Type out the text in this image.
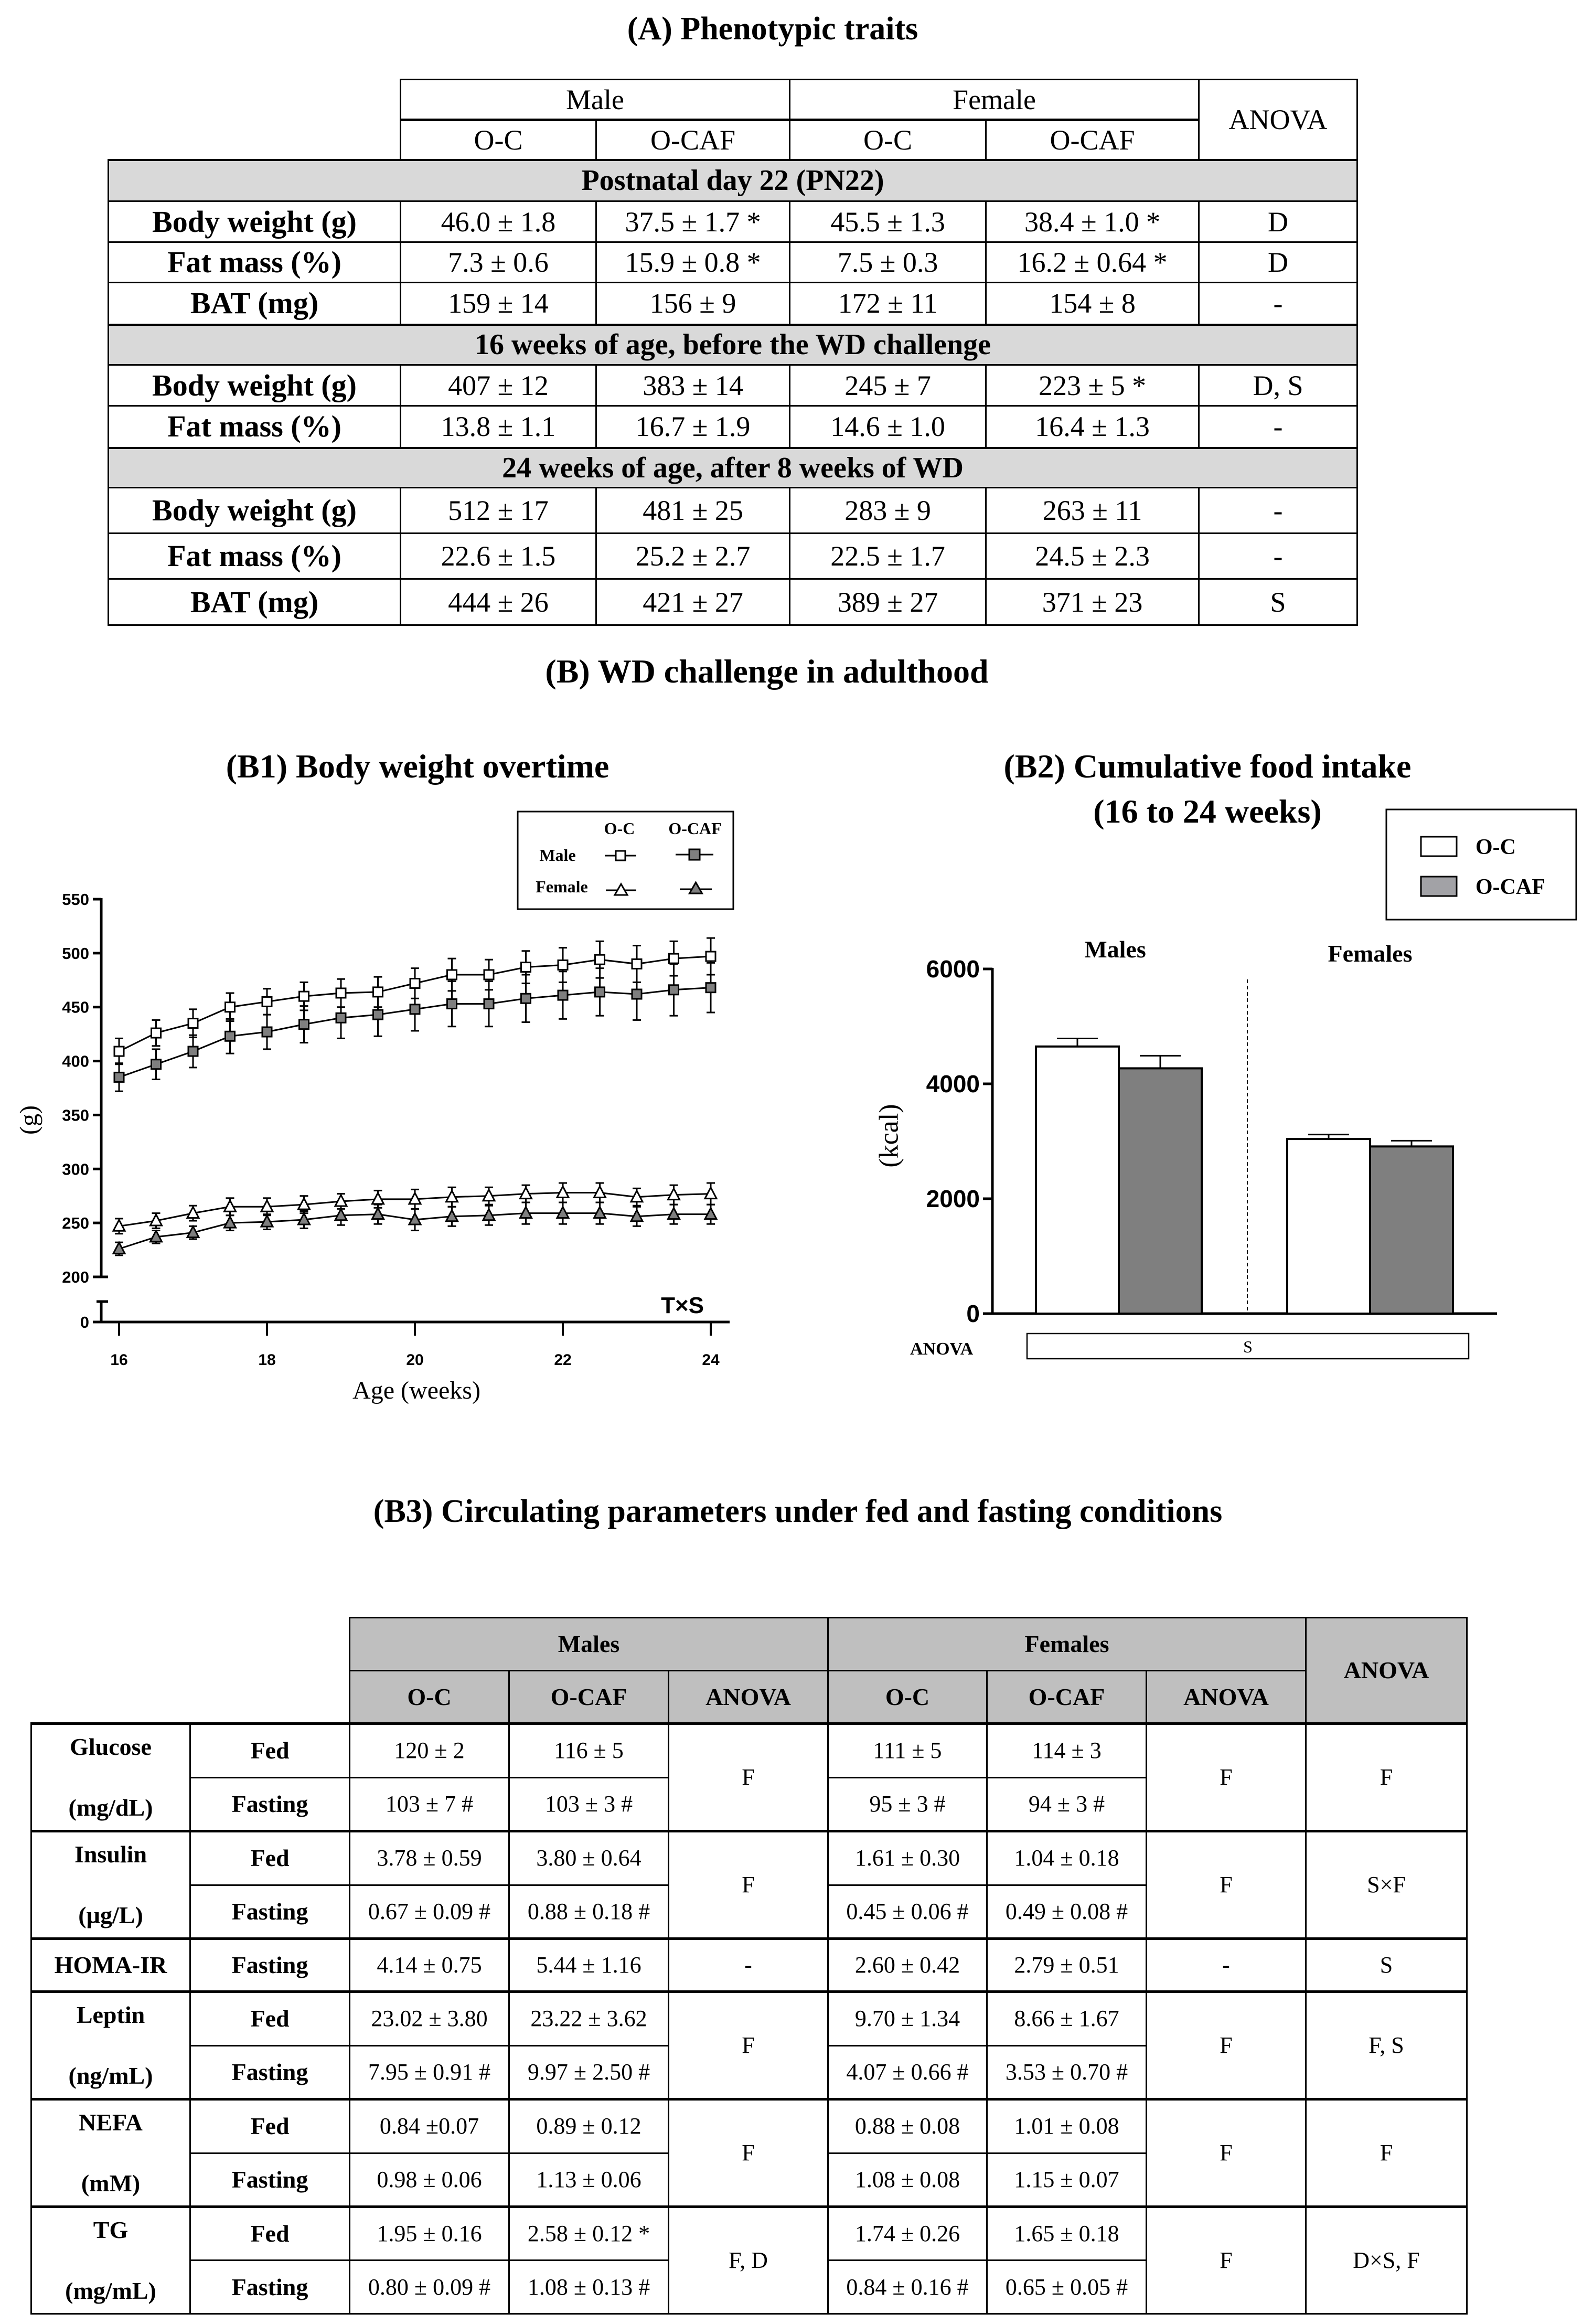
(A) Phenotypic traits
	Male		Female		ANOVA
	O-C	O-CAF	O-C	O-CAF	
Postnatal day 22 (PN22)					
Body weight (g)	46.0 ± 1.8	37.5 ± 1.7 *	45.5 ± 1.3	38.4 ± 1.0 *	D
Fat mass (%)	7.3 ± 0.6	15.9 ± 0.8 *	7.5 ± 0.3	16.2 ± 0.64 *	D
BAT (mg)	159 ± 14	156 ± 9	172 ± 11	154 ± 8	-
16 weeks of age, before the WD challenge					
Body weight (g)	407 ± 12	383 ± 14	245 ± 7	223 ± 5 *	D, S
Fat mass (%)	13.8 ± 1.1	16.7 ± 1.9	14.6 ± 1.0	16.4 ± 1.3	-
24 weeks of age, after 8 weeks of WD					
Body weight (g)	512 ± 17	481 ± 25	283 ± 9	263 ± 11	-
Fat mass (%)	22.6 ± 1.5	25.2 ± 2.7	22.5 ± 1.7	24.5 ± 2.3	-
BAT (mg)	444 ± 26	421 ± 27	389 ± 27	371 ± 23	S
(B) WD challenge in adulthood
(B1) Body weight overtime	(B2) Cumulative food intake
(16 to 24 weeks)
0
200
250
300
350
400
450
500
550
16	18	20	22	24
Age (weeks)
(g)
T×S
O-C O-CAF
Male
Female
0
2000
4000
6000
Males	Females
(kcal)
ANOVA	S
O-C
O-CAF
(B3) Circulating parameters under fed and fasting conditions
		Males			Females			ANOVA
		O-C	O-CAF	ANOVA	O-C	O-CAF	ANOVA	

Glucose
(mg/dL)	Fed	120 ± 2	116 ± 5	F	111 ± 5	114 ± 3	F	F
	Fasting	103 ± 7 #	103 ± 3 #		95 ± 3 #	94 ± 3 #		

Insulin
(µg/L)	Fed	3.78 ± 0.59	3.80 ± 0.64	F	1.61 ± 0.30	1.04 ± 0.18	F	S×F
	Fasting	0.67 ± 0.09 #	0.88 ± 0.18 #		0.45 ± 0.06 #	0.49 ± 0.08 #		
HOMA-IR	Fasting	4.14 ± 0.75	5.44 ± 1.16	-	2.60 ± 0.42	2.79 ± 0.51	-	S

Leptin
(ng/mL)	Fed	23.02 ± 3.80	23.22 ± 3.62	F	9.70 ± 1.34	8.66 ± 1.67	F	F, S
	Fasting	7.95 ± 0.91 #	9.97 ± 2.50 #		4.07 ± 0.66 #	3.53 ± 0.70 #		

NEFA
(mM)	Fed	0.84 ±0.07	0.89 ± 0.12	F	0.88 ± 0.08	1.01 ± 0.08	F	F
	Fasting	0.98 ± 0.06	1.13 ± 0.06		1.08 ± 0.08	1.15 ± 0.07		

TG
(mg/mL)	Fed	1.95 ± 0.16	2.58 ± 0.12 *	F, D	1.74 ± 0.26	1.65 ± 0.18	F	D×S, F
	Fasting	0.80 ± 0.09 #	1.08 ± 0.13 #		0.84 ± 0.16 #	0.65 ± 0.05 #		
